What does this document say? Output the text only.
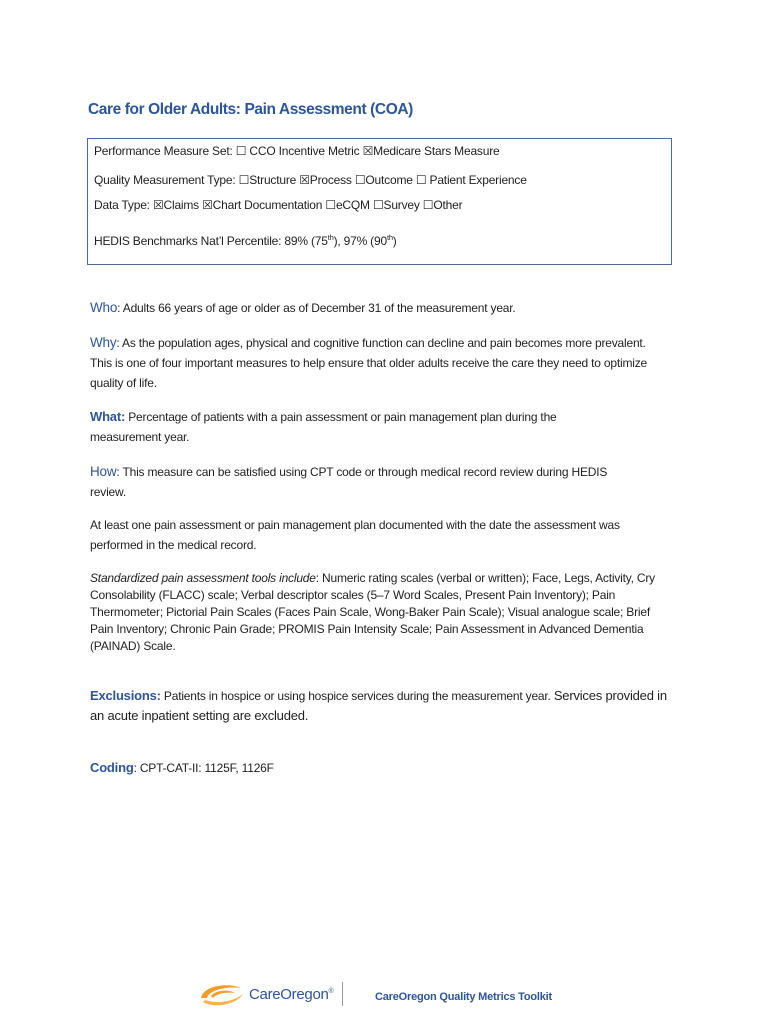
Care for Older Adults: Pain Assessment (COA)
Performance Measure Set: ☐ CCO Incentive Metric ☒Medicare Stars Measure
Quality Measurement Type: ☐Structure ☒Process ☐Outcome ☐ Patient Experience
Data Type: ☒Claims ☒Chart Documentation ☐eCQM ☐Survey ☐Other
HEDIS Benchmarks Nat’l Percentile: 89% (75th), 97% (90th)
Who: Adults 66 years of age or older as of December 31 of the measurement year.
Why: As the population ages, physical and cognitive function can decline and pain becomes more prevalent. This is one of four important measures to help ensure that older adults receive the care they need to optimize quality of life.
What: Percentage of patients with a pain assessment or pain management plan during the measurement year.
How: This measure can be satisfied using CPT code or through medical record review during HEDIS review.
At least one pain assessment or pain management plan documented with the date the assessment was performed in the medical record.
Standardized pain assessment tools include: Numeric rating scales (verbal or written); Face, Legs, Activity, Cry Consolability (FLACC) scale; Verbal descriptor scales (5–7 Word Scales, Present Pain Inventory); Pain Thermometer; Pictorial Pain Scales (Faces Pain Scale, Wong-Baker Pain Scale); Visual analogue scale; Brief Pain Inventory; Chronic Pain Grade; PROMIS Pain Intensity Scale; Pain Assessment in Advanced Dementia (PAINAD) Scale.
Exclusions: Patients in hospice or using hospice services during the measurement year. Services provided in an acute inpatient setting are excluded.
Coding: CPT-CAT-II: 1125F, 1126F
CareOregon®	CareOregon Quality Metrics Toolkit
